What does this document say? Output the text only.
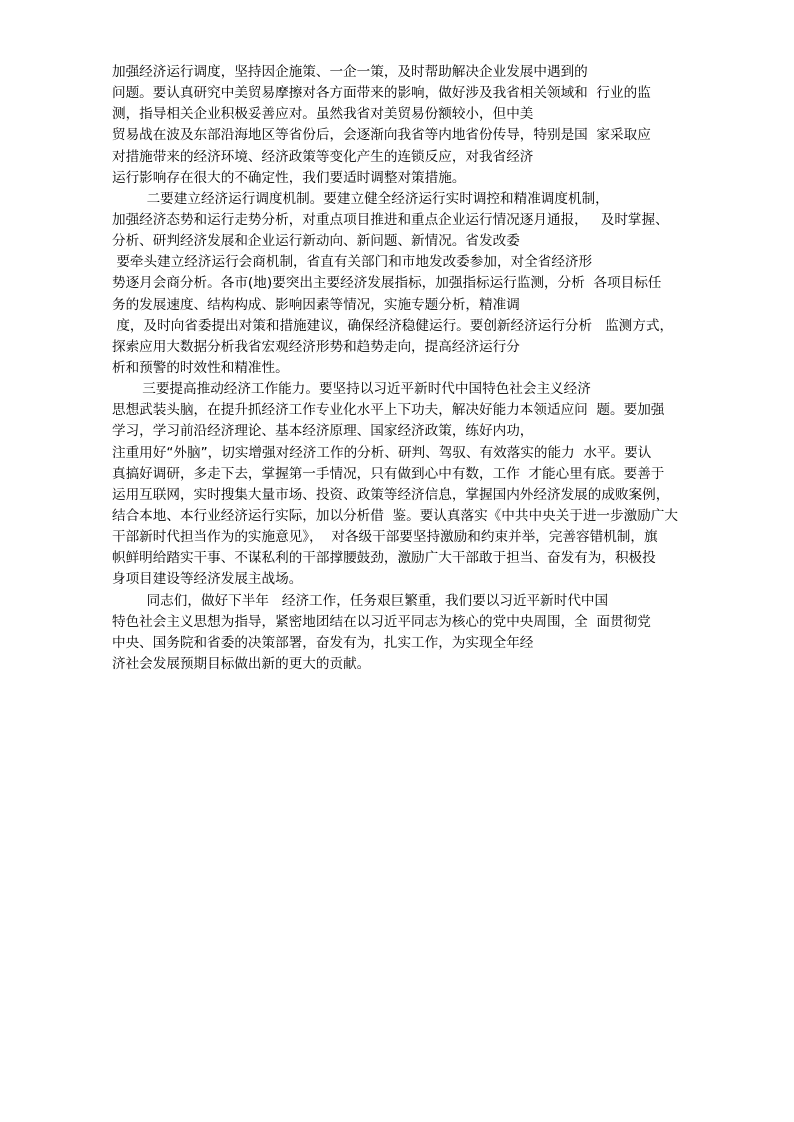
加强经济运行调度，坚持因企施策、一企一策，及时帮助解决企业发展中遇到的
问题。要认真研究中美贸易摩擦对各方面带来的影响，做好涉及我省相关领域和  行业的监
测，指导相关企业积极妥善应对。虽然我省对美贸易份额较小，但中美
贸易战在波及东部沿海地区等省份后，会逐渐向我省等内地省份传导，特别是国  家采取应
对措施带来的经济环境、经济政策等变化产生的连锁反应，对我省经济
运行影响存在很大的不确定性，我们要适时调整对策措施。
二要建立经济运行调度机制。要建立健全经济运行实时调控和精准调度机制，
加强经济态势和运行走势分析，对重点项目推进和重点企业运行情况逐月通报，   及时掌握、
分析、研判经济发展和企业运行新动向、新问题、新情况。省发改委
要牵头建立经济运行会商机制，省直有关部门和市地发改委参加，对全省经济形
势逐月会商分析。各市(地)要突出主要经济发展指标，加强指标运行监测，分析  各项目标任
务的发展速度、结构构成、影响因素等情况，实施专题分析，精准调
度，及时向省委提出对策和措施建议，确保经济稳健运行。要创新经济运行分析   监测方式，
探索应用大数据分析我省宏观经济形势和趋势走向，提高经济运行分
析和预警的时效性和精准性。
三要提高推动经济工作能力。要坚持以习近平新时代中国特色社会主义经济
思想武装头脑，在提升抓经济工作专业化水平上下功夫，解决好能力本领适应问  题。要加强
学习，学习前沿经济理论、基本经济原理、国家经济政策，练好内功，
注重用好“外脑”，切实增强对经济工作的分析、研判、驾驭、有效落实的能力  水平。要认
真搞好调研，多走下去，掌握第一手情况，只有做到心中有数，工作  才能心里有底。要善于
运用互联网，实时搜集大量市场、投资、政策等经济信息，掌握国内外经济发展的成败案例，
结合本地、本行业经济运行实际，加以分析借  鉴。要认真落实《中共中央关于进一步激励广大
干部新时代担当作为的实施意见》，  对各级干部要坚持激励和约束并举，完善容错机制，旗
帜鲜明给踏实干事、不谋私利的干部撑腰鼓劲，激励广大干部敢于担当、奋发有为，积极投
身项目建设等经济发展主战场。
同志们，做好下半年   经济工作，任务艰巨繁重，我们要以习近平新时代中国
特色社会主义思想为指导，紧密地团结在以习近平同志为核心的党中央周围，全  面贯彻党
中央、国务院和省委的决策部署，奋发有为，扎实工作，为实现全年经
济社会发展预期目标做出新的更大的贡献。
